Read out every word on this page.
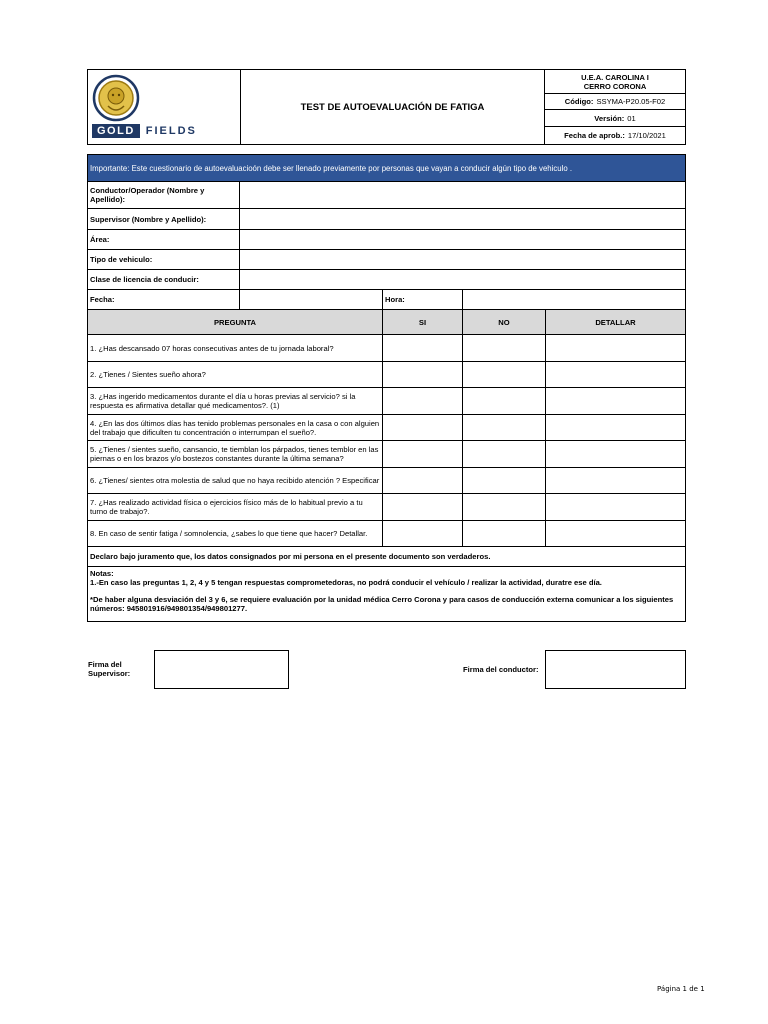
GOLD	FIELDS
TEST DE AUTOEVALUACIÓN DE FATIGA
U.E.A. CAROLINA I
CERRO CORONA
Código: SSYMA-P20.05-F02
Versión: 01
Fecha de aprob.: 17/10/2021
Importante: Este cuestionario de autoevaluacioón debe ser llenado previamente por personas que vayan a conducir algún tipo de vehiculo .
Conductor/Operador (Nombre y Apellido):
Supervisor (Nombre y Apellido):
Área:
Tipo de vehiculo:
Clase de licencia de conducir:
Fecha:	Hora:
PREGUNTA	SI	NO	DETALLAR
1. ¿Has descansado 07 horas consecutivas antes de tu jornada laboral?
2. ¿Tienes / Sientes sueño ahora?
3. ¿Has ingerido medicamentos durante el día u horas previas al servicio? si la respuesta es afirmativa detallar qué medicamentos?. (1)
4. ¿En las dos últimos días has tenido problemas personales en la casa o con alguien del trabajo que dificulten tu concentración o interrumpan el sueño?.
5. ¿Tienes / sientes sueño, cansancio, te tiemblan los párpados, tienes temblor en las piernas o en los brazos y/o bostezos constantes durante la última semana?
6. ¿Tienes/ sientes otra molestia de salud que no haya recibido atención ? Especificar
7. ¿Has realizado actividad física o ejercicios físico más de lo habitual previo a tu turno de trabajo?.
8. En caso de sentir fatiga / somnolencia, ¿sabes lo que tiene que hacer? Detallar.
Declaro bajo juramento que, los datos consignados por mi persona en el presente documento son verdaderos.
Notas:
1.-En caso las preguntas 1, 2, 4 y 5 tengan respuestas comprometedoras, no podrá conducir el vehículo / realizar la actividad, duratre ese día.
*De haber alguna desviación del 3 y 6, se requiere evaluación por la unidad médica Cerro Corona y para casos de conducción externa comunicar a los siguientes números: 945801916/949801354/949801277.
Firma del
Supervisor:	Firma del conductor:
Página 1 de 1
